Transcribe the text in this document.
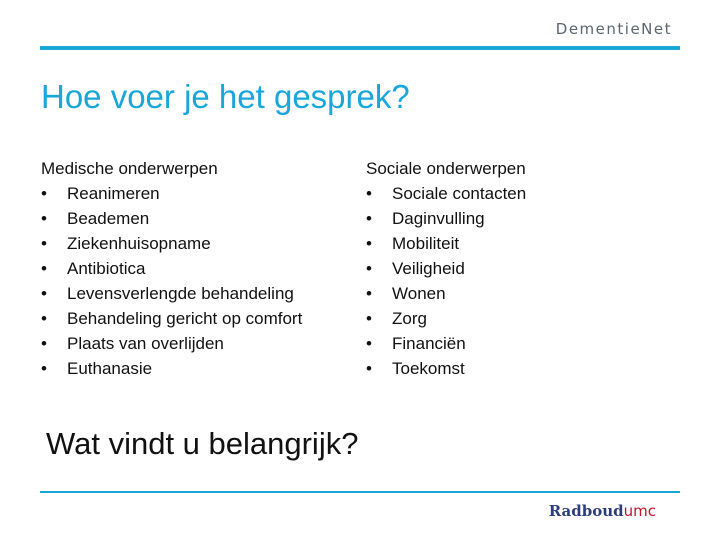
DementieNet
Hoe voer je het gesprek?
Medische onderwerpen
•	Reanimeren
•	Beademen
•	Ziekenhuisopname
•	Antibiotica
•	Levensverlengde behandeling
•	Behandeling gericht op comfort
•	Plaats van overlijden
•	Euthanasie
Sociale onderwerpen
•	Sociale contacten
•	Daginvulling
•	Mobiliteit
•	Veiligheid
•	Wonen
•	Zorg
•	Financiën
•	Toekomst
Wat vindt u belangrijk?
Radboudumc
